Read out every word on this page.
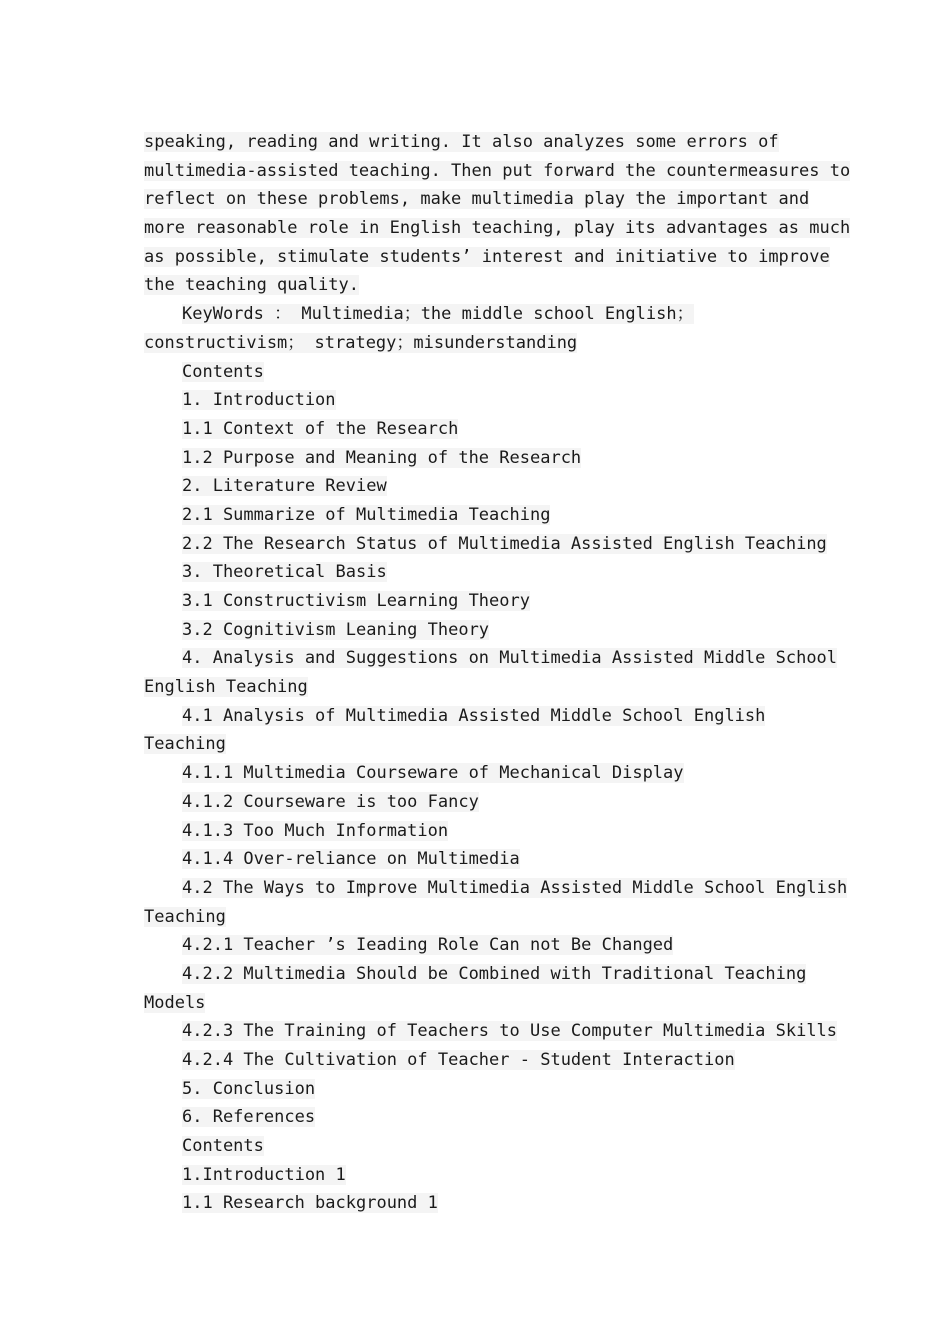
speaking, reading and writing. It also analyzes some errors of
multimedia-assisted teaching. Then put forward the countermeasures to
reflect on these problems, make multimedia play the important and
more reasonable role in English teaching, play its advantages as much
as possible, stimulate students’ interest and initiative to improve
the teaching quality.
KeyWords ： Multimedia；the middle school English；
constructivism； strategy；misunderstanding
Contents
1. Introduction
1.1 Context of the Research
1.2 Purpose and Meaning of the Research
2. Literature Review
2.1 Summarize of Multimedia Teaching
2.2 The Research Status of Multimedia Assisted English Teaching
3. Theoretical Basis
3.1 Constructivism Learning Theory
3.2 Cognitivism Leaning Theory
4. Analysis and Suggestions on Multimedia Assisted Middle School
English Teaching
4.1 Analysis of Multimedia Assisted Middle School English
Teaching
4.1.1 Multimedia Courseware of Mechanical Display
4.1.2 Courseware is too Fancy
4.1.3 Too Much Information
4.1.4 Over-reliance on Multimedia
4.2 The Ways to Improve Multimedia Assisted Middle School English
Teaching
4.2.1 Teacher ’s Ieading Role Can not Be Changed
4.2.2 Multimedia Should be Combined with Traditional Teaching
Models
4.2.3 The Training of Teachers to Use Computer Multimedia Skills
4.2.4 The Cultivation of Teacher - Student Interaction
5. Conclusion
6. References
Contents
1.Introduction 1
1.1 Research background 1
